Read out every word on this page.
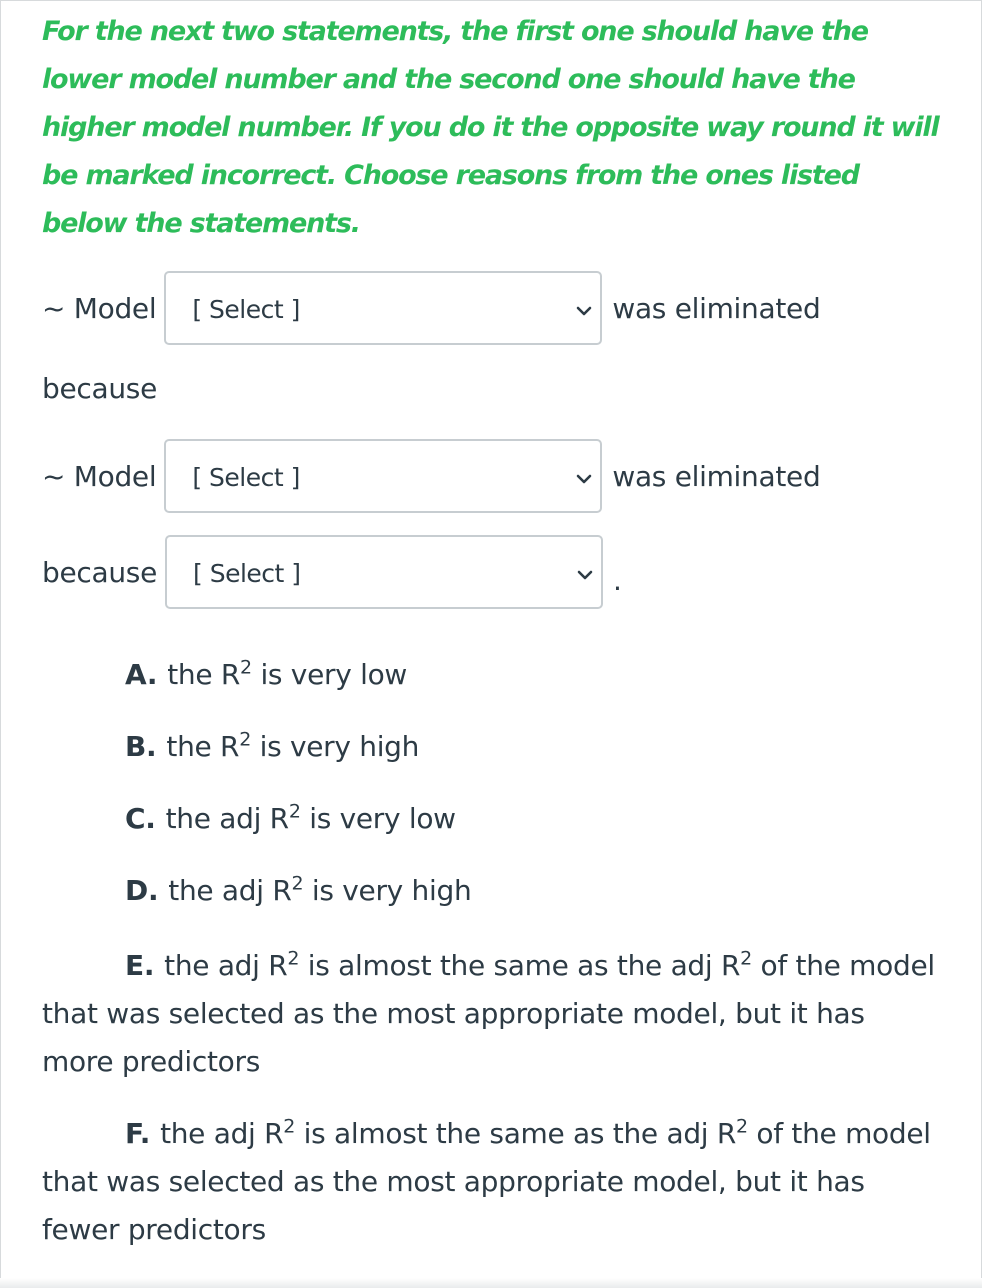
For the next two statements, the first one should have the lower model number and the second one should have the higher model number. If you do it the opposite way round it will be marked incorrect. Choose reasons from the ones listed below the statements.

~ Model [ Select ]	was eliminated
because
~ Model [ Select ]	was eliminated
because [ Select ]	.
A. the $R^2$ is very low
B. the $R^2$ is very high
C. the adj $R^2$ is very low
D. the adj $R^2$ is very high

E. the adj $R^2$ is almost the same as the adj $R^2$ of the model that was selected as the most appropriate model, but it has more predictors

F. the adj $R^2$ is almost the same as the adj $R^2$ of the model that was selected as the most appropriate model, but it has fewer predictors
